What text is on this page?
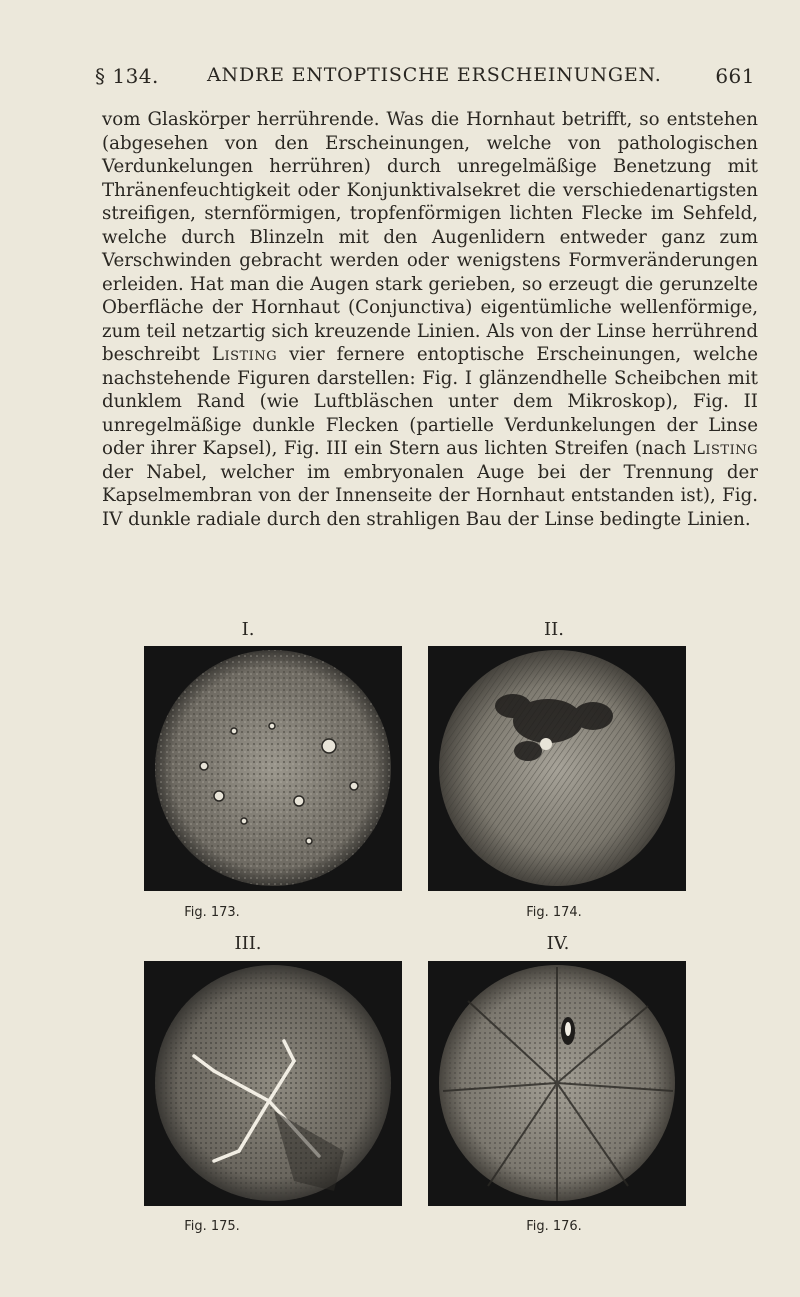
§ 134.	ANDRE ENTOPTISCHE ERSCHEINUNGEN.	661
vom Glaskörper herrührende. Was die Hornhaut betrifft, so entstehen (abgesehen von den Erscheinungen, welche von pathologischen Verdunkelungen herrühren) durch unregelmäßige Benetzung mit Thränenfeuchtigkeit oder Konjunktivalsekret die verschiedenartigsten streifigen, sternförmigen, tropfenförmigen lichten Flecke im Sehfeld, welche durch Blinzeln mit den Augenlidern entweder ganz zum Verschwinden gebracht werden oder wenigstens Formveränderungen erleiden. Hat man die Augen stark gerieben, so erzeugt die gerunzelte Oberfläche der Hornhaut (Conjunctiva) eigentümliche wellenförmige, zum teil netzartig sich kreuzende Linien. Als von der Linse herrührend beschreibt Listing vier fernere entoptische Erscheinungen, welche nachstehende Figuren darstellen: Fig. I glänzendhelle Scheibchen mit dunklem Rand (wie Luftbläschen unter dem Mikroskop), Fig. II unregelmäßige dunkle Flecken (partielle Verdunkelungen der Linse oder ihrer Kapsel), Fig. III ein Stern aus lichten Streifen (nach Listing der Nabel, welcher im embryonalen Auge bei der Trennung der Kapselmembran von der Innenseite der Hornhaut entstanden ist), Fig. IV dunkle radiale durch den strahligen Bau der Linse bedingte Linien.
I.
Fig. 173.
II.
Fig. 174.
III.
Fig. 175.
IV.
Fig. 176.
